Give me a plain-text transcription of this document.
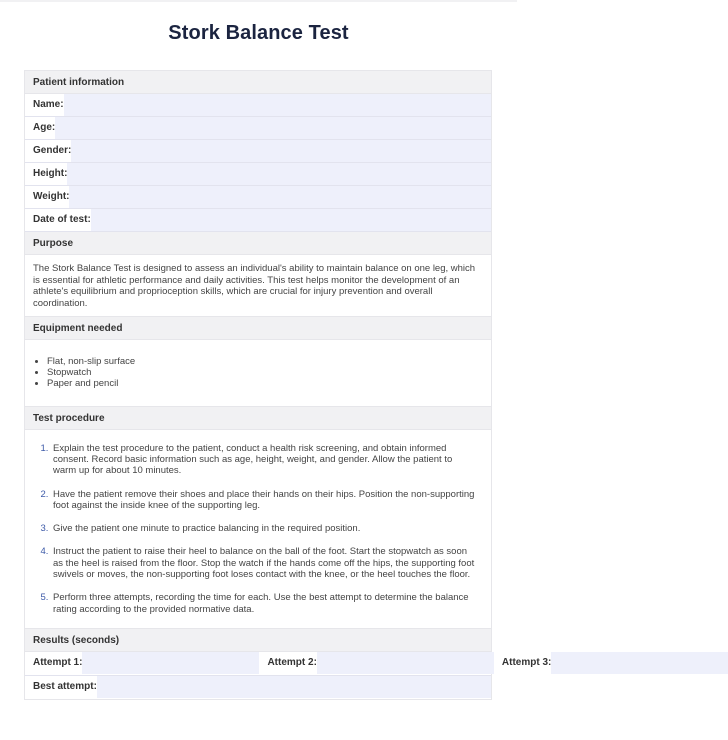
Stork Balance Test
Patient information
Name:
Age:
Gender:
Height:
Weight:
Date of test:
Purpose
The Stork Balance Test is designed to assess an individual's ability to maintain balance on one leg, which is essential for athletic performance and daily activities. This test helps monitor the development of an athlete's equilibrium and proprioception skills, which are crucial for injury prevention and overall coordination.
Equipment needed
• Flat, non-slip surface
• Stopwatch
• Paper and pencil
Test procedure
1. Explain the test procedure to the patient, conduct a health risk screening, and obtain informed consent. Record basic information such as age, height, weight, and gender. Allow the patient to warm up for about 10 minutes.
2. Have the patient remove their shoes and place their hands on their hips. Position the non-supporting foot against the inside knee of the supporting leg.
3. Give the patient one minute to practice balancing in the required position.
4. Instruct the patient to raise their heel to balance on the ball of the foot. Start the stopwatch as soon as the heel is raised from the floor. Stop the watch if the hands come off the hips, the supporting foot swivels or moves, the non-supporting foot loses contact with the knee, or the heel touches the floor.
5. Perform three attempts, recording the time for each. Use the best attempt to determine the balance rating according to the provided normative data.
Results (seconds)
Attempt 1:	Attempt 2:	Attempt 3:
Best attempt:
